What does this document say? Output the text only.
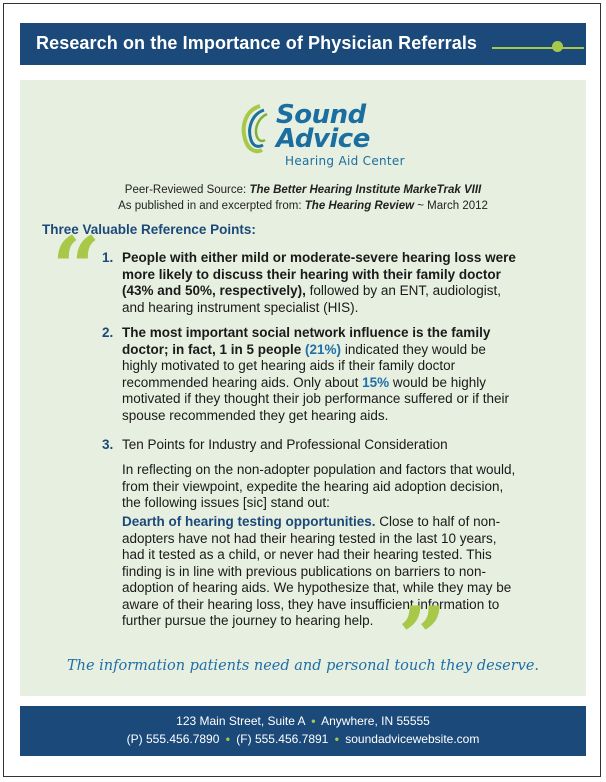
Research on the Importance of Physician Referrals
Sound
Advice
Hearing Aid Center
Peer-Reviewed Source: The Better Hearing Institute MarkeTrak VIII
As published in and excerpted from: The Hearing Review ~ March 2012
Three Valuable Reference Points:
“ 1. People with either mild or moderate-severe hearing loss were more likely to discuss their hearing with their family doctor (43% and 50%, respectively), followed by an ENT, audiologist, and hearing instrument specialist (HIS).
2. The most important social network influence is the family doctor; in fact, 1 in 5 people (21%) indicated they would be highly motivated to get hearing aids if their family doctor recommended hearing aids. Only about 15% would be highly motivated if they thought their job performance suffered or if their spouse recommended they get hearing aids.
3. Ten Points for Industry and Professional Consideration
In reflecting on the non-adopter population and factors that would, from their viewpoint, expedite the hearing aid adoption decision, the following issues [sic] stand out:
Dearth of hearing testing opportunities. Close to half of non-adopters have not had their hearing tested in the last 10 years, had it tested as a child, or never had their hearing tested. This finding is in line with previous publications on barriers to non-adoption of hearing aids. We hypothesize that, while they may be aware of their hearing loss, they have insufficient information to further pursue the journey to hearing help. ”
The information patients need and personal touch they deserve.
123 Main Street, Suite A • Anywhere, IN 55555
(P) 555.456.7890 • (F) 555.456.7891 • soundadvicewebsite.com
